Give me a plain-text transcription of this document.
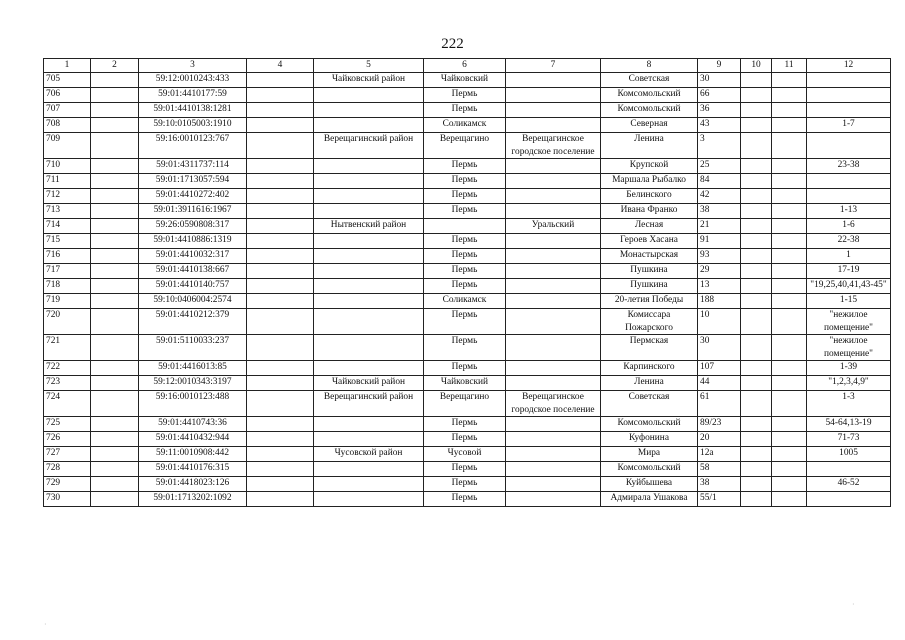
222
1	2	3	4	5	6	7	8	9	10	11	12
705		59:12:0010243:433		Чайковский район	Чайковский		Советская	30			
706		59:01:4410177:59			Пермь		Комсомольский	66			
707		59:01:4410138:1281			Пермь		Комсомольский	36			
708		59:10:0105003:1910			Соликамск		Северная	43			1-7
709		59:16:0010123:767		Верещагинский район	Верещагино	Верещагинское городское поселение	Ленина	3			
710		59:01:4311737:114			Пермь		Крупской	25			23-38
711		59:01:1713057:594			Пермь		Маршала Рыбалко	84			
712		59:01:4410272:402			Пермь		Белинского	42			
713		59:01:3911616:1967			Пермь		Ивана Франко	38			1-13
714		59:26:0590808:317		Нытвенский район		Уральский	Лесная	21			1-6
715		59:01:4410886:1319			Пермь		Героев Хасана	91			22-38
716		59:01:4410032:317			Пермь		Монастырская	93			1
717		59:01:4410138:667			Пермь		Пушкина	29			17-19
718		59:01:4410140:757			Пермь		Пушкина	13			"19,25,40,41,43-45"
719		59:10:0406004:2574			Соликамск		20-летия Победы	188			1-15
720		59:01:4410212:379			Пермь		Комиссара Пожарского	10			"нежилое помещение"
721		59:01:5110033:237			Пермь		Пермская	30			"нежилое помещение"
722		59:01:4416013:85			Пермь		Карпинского	107			1-39
723		59:12:0010343:3197		Чайковский район	Чайковский		Ленина	44			"1,2,3,4,9"
724		59:16:0010123:488		Верещагинский район	Верещагино	Верещагинское городское поселение	Советская	61			1-3
725		59:01:4410743:36			Пермь		Комсомольский	89/23			54-64,13-19
726		59:01:4410432:944			Пермь		Куфонина	20			71-73
727		59:11:0010908:442		Чусовской район	Чусовой		Мира	12а			1005
728		59:01:4410176:315			Пермь		Комсомольский	58			
729		59:01:4418023:126			Пермь		Куйбышева	38			46-52
730		59:01:1713202:1092			Пермь		Адмирала Ушакова	55/1			
·
·
